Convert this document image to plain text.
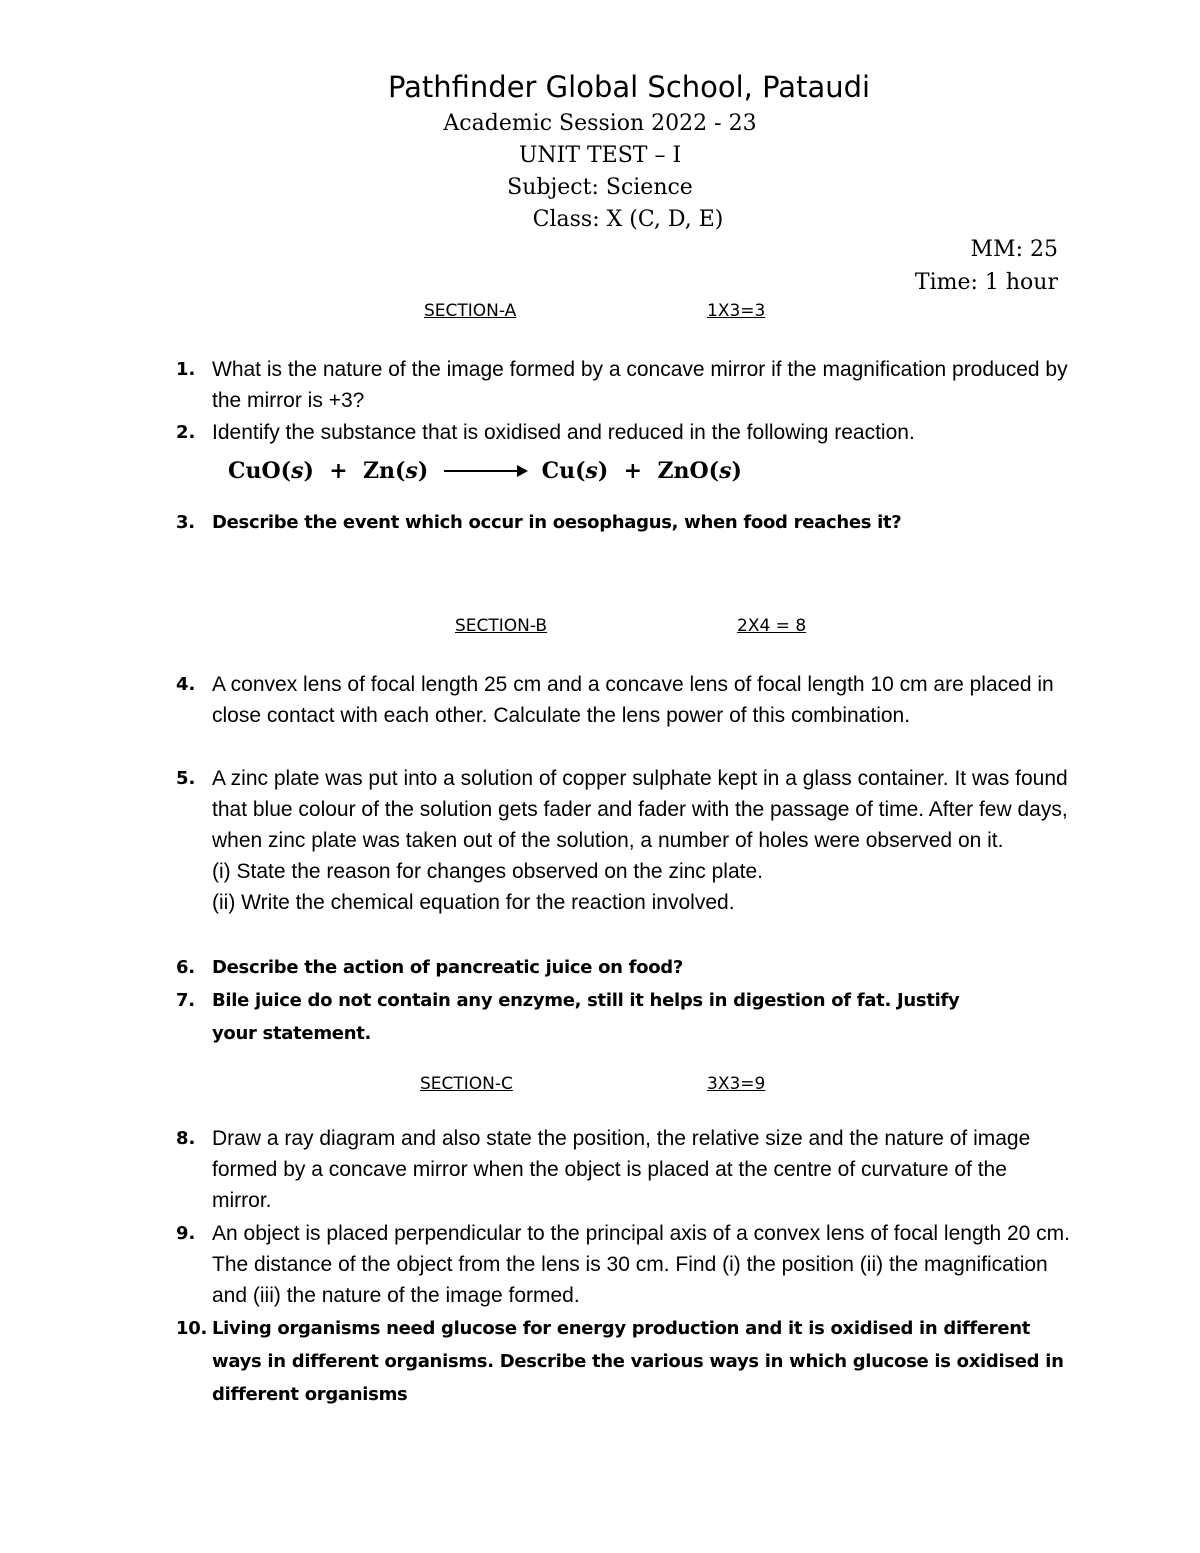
Pathfinder Global School, Pataudi
Academic Session 2022 - 23
UNIT TEST – I
Subject: Science
Class: X (C, D, E)
MM: 25
Time: 1 hour
SECTION-A	1X3=3
1. What is the nature of the image formed by a concave mirror if the magnification produced by the mirror is +3?
2. Identify the substance that is oxidised and reduced in the following reaction.
CuO(s) + Zn(s) → Cu(s) + ZnO(s)
3. Describe the event which occur in oesophagus, when food reaches it?
SECTION-B	2X4 = 8
4. A convex lens of focal length 25 cm and a concave lens of focal length 10 cm are placed in close contact with each other. Calculate the lens power of this combination.
5. A zinc plate was put into a solution of copper sulphate kept in a glass container. It was found that blue colour of the solution gets fader and fader with the passage of time. After few days, when zinc plate was taken out of the solution, a number of holes were observed on it.
(i) State the reason for changes observed on the zinc plate.
(ii) Write the chemical equation for the reaction involved.
6. Describe the action of pancreatic juice on food?
7. Bile juice do not contain any enzyme, still it helps in digestion of fat. Justify your statement.
SECTION-C	3X3=9
8. Draw a ray diagram and also state the position, the relative size and the nature of image formed by a concave mirror when the object is placed at the centre of curvature of the mirror.
9. An object is placed perpendicular to the principal axis of a convex lens of focal length 20 cm. The distance of the object from the lens is 30 cm. Find (i) the position (ii) the magnification and (iii) the nature of the image formed.
10. Living organisms need glucose for energy production and it is oxidised in different ways in different organisms. Describe the various ways in which glucose is oxidised in different organisms
